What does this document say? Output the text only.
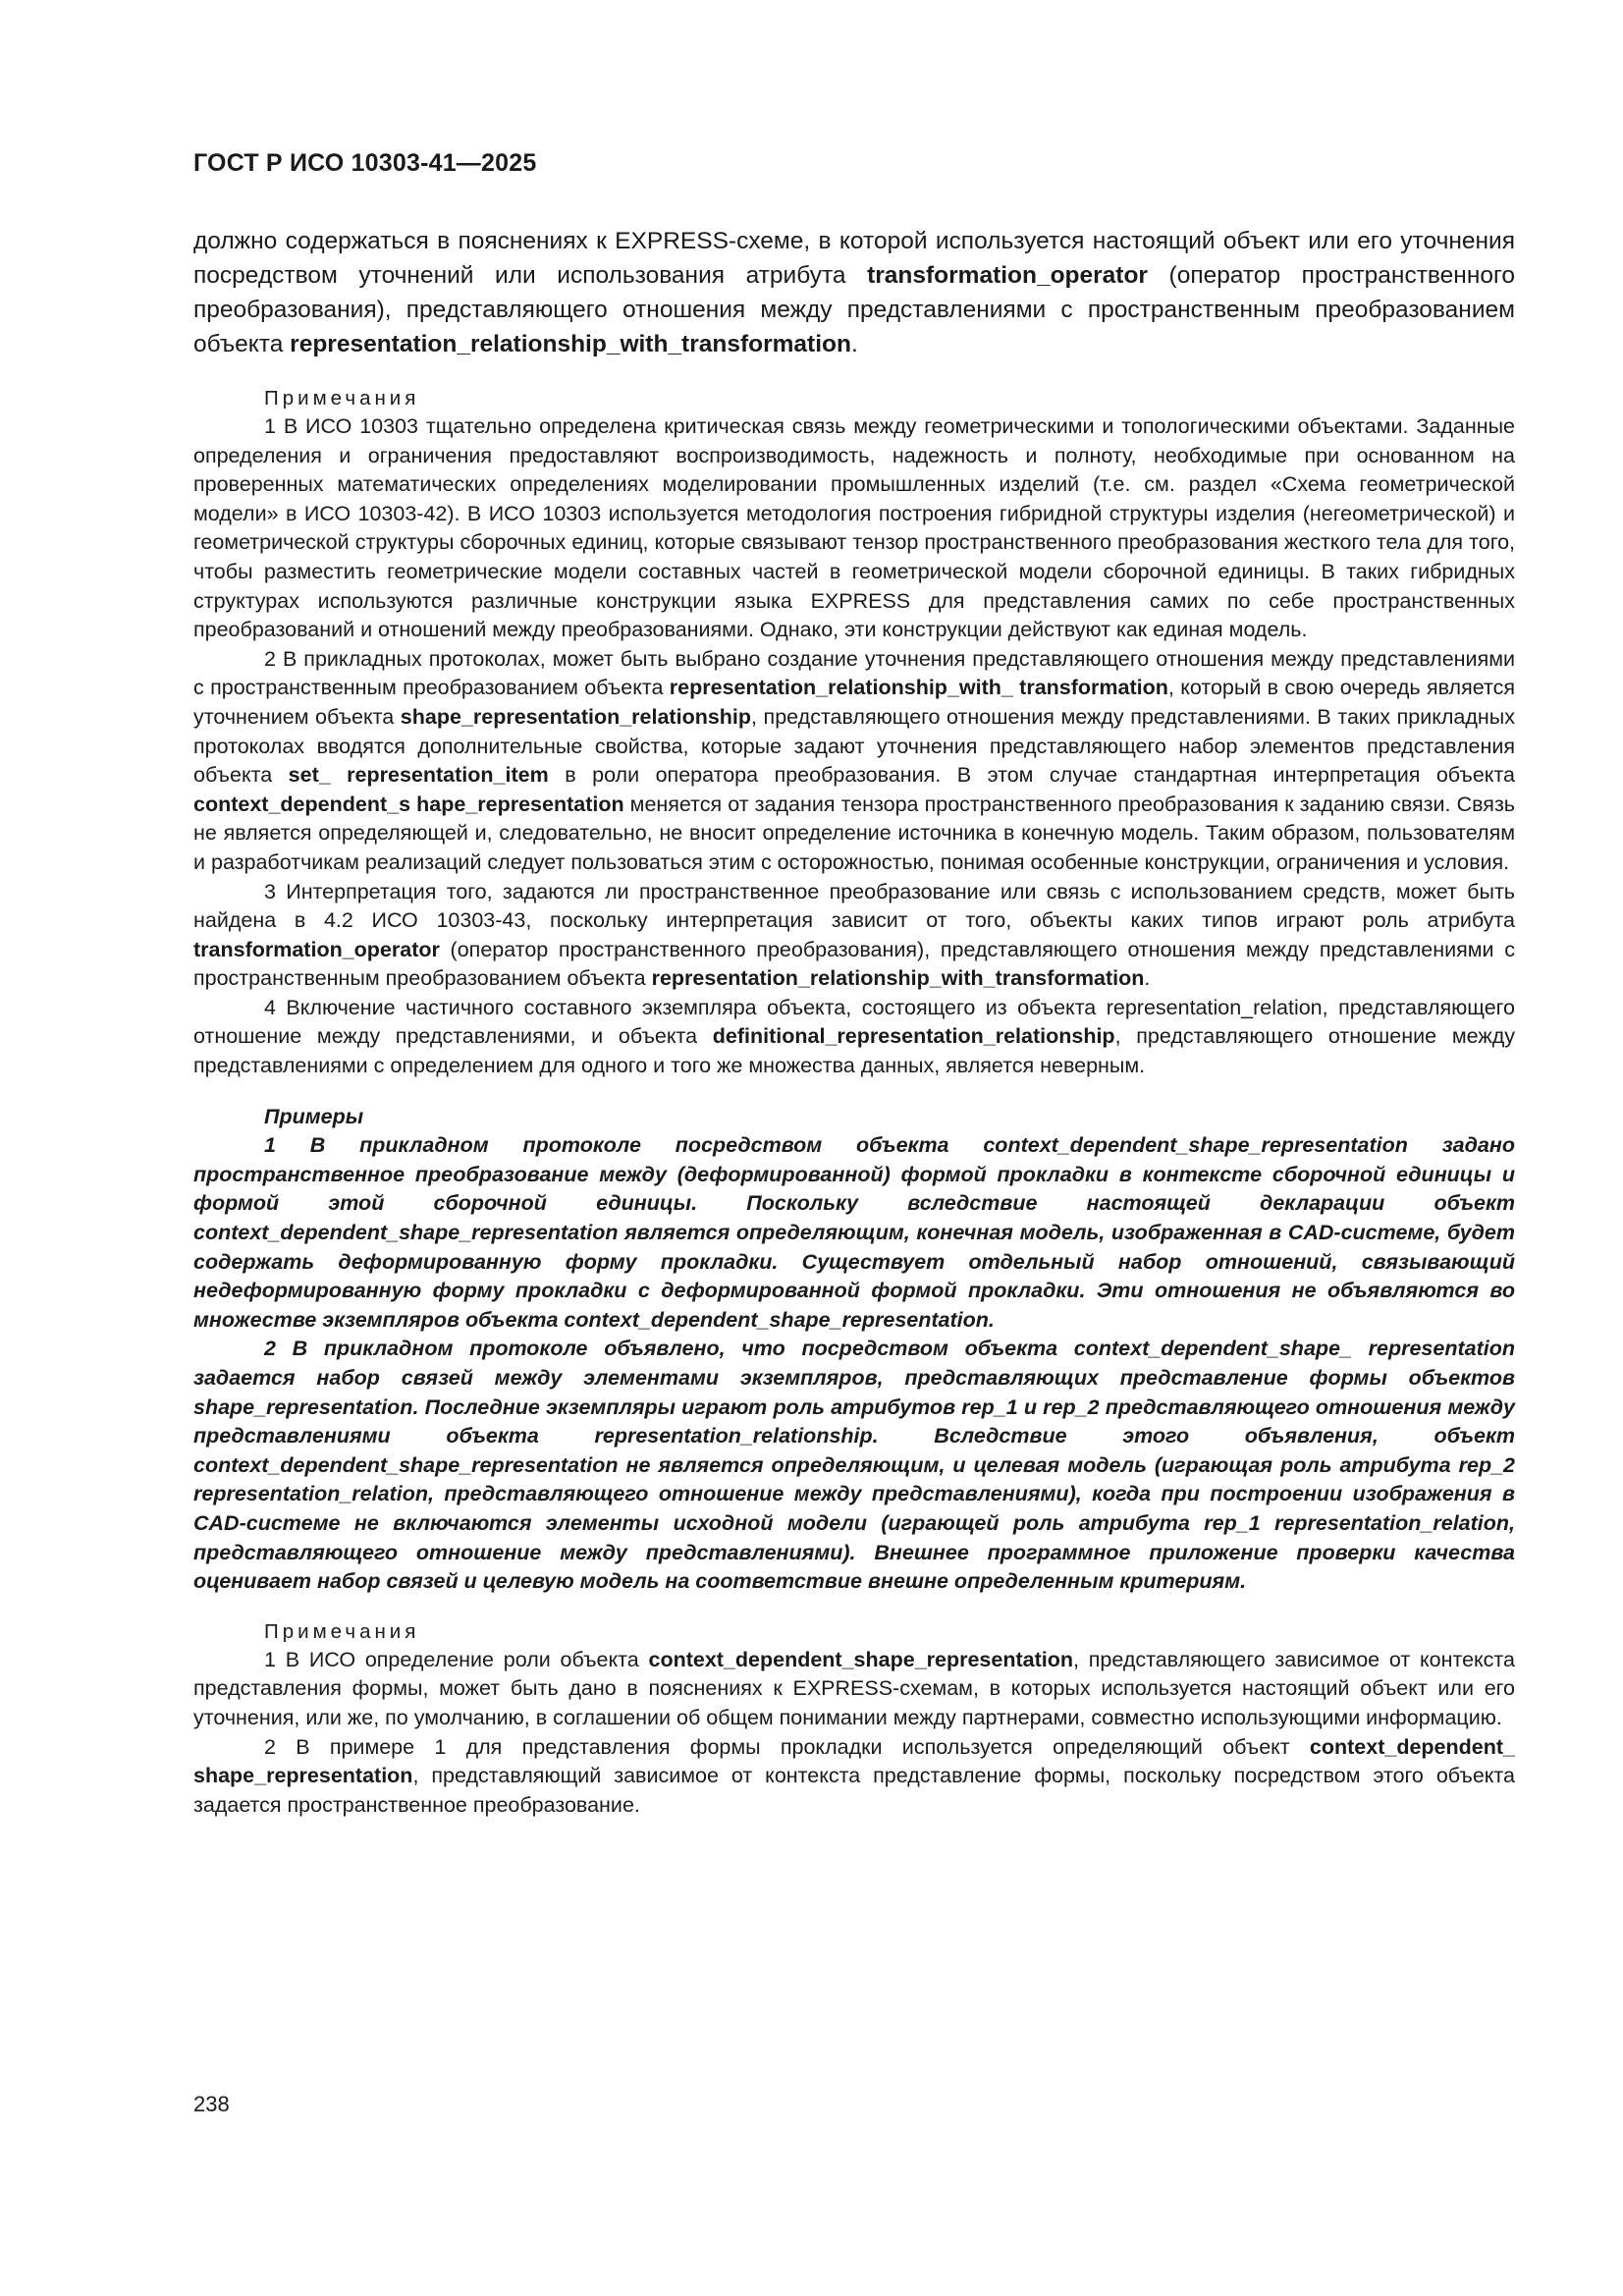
ГОСТ Р ИСО 10303-41—2025

должно содержаться в пояснениях к EXPRESS-схеме, в которой используется настоящий объект или его уточнения посредством уточнений или использования атрибута transformation_operator (оператор пространственного преобразования), представляющего отношения между представлениями с пространственным преобразованием объекта representation_relationship_with_transformation.

Примечания

1 В ИСО 10303 тщательно определена критическая связь между геометрическими и топологическими объектами. Заданные определения и ограничения предоставляют воспроизводимость, надежность и полноту, необходимые при основанном на проверенных математических определениях моделировании промышленных изделий (т.е. см. раздел «Схема геометрической модели» в ИСО 10303-42). В ИСО 10303 используется методология построения гибридной структуры изделия (негеометрической) и геометрической структуры сборочных единиц, которые связывают тензор пространственного преобразования жесткого тела для того, чтобы разместить геометрические модели составных частей в геометрической модели сборочной единицы. В таких гибридных структурах используются различные конструкции языка EXPRESS для представления самих по себе пространственных преобразований и отношений между преобразованиями. Однако, эти конструкции действуют как единая модель.

2 В прикладных протоколах, может быть выбрано создание уточнения представляющего отношения между представлениями с пространственным преобразованием объекта representation_relationship_with_ transformation, который в свою очередь является уточнением объекта shape_representation_relationship, представляющего отношения между представлениями. В таких прикладных протоколах вводятся дополнительные свойства, которые задают уточнения представляющего набор элементов представления объекта set_ representation_item в роли оператора преобразования. В этом случае стандартная интерпретация объекта context_dependent_s hape_representation меняется от задания тензора пространственного преобразования к заданию связи. Связь не является определяющей и, следовательно, не вносит определение источника в конечную модель. Таким образом, пользователям и разработчикам реализаций следует пользоваться этим с осторожностью, понимая особенные конструкции, ограничения и условия.

3 Интерпретация того, задаются ли пространственное преобразование или связь с использованием средств, может быть найдена в 4.2 ИСО 10303-43, поскольку интерпретация зависит от того, объекты каких типов играют роль атрибута transformation_operator (оператор пространственного преобразования), представляющего отношения между представлениями с пространственным преобразованием объекта representation_relationship_with_transformation.

4 Включение частичного составного экземпляра объекта, состоящего из объекта representation_relation, представляющего отношение между представлениями, и объекта definitional_representation_relationship, представляющего отношение между представлениями с определением для одного и того же множества данных, является неверным.

Примеры

1 В прикладном протоколе посредством объекта context_dependent_shape_representation задано пространственное преобразование между (деформированной) формой прокладки в контексте сборочной единицы и формой этой сборочной единицы. Поскольку вследствие настоящей декларации объект context_dependent_shape_representation является определяющим, конечная модель, изображенная в CAD-системе, будет содержать деформированную форму прокладки. Существует отдельный набор отношений, связывающий недеформированную форму прокладки с деформированной формой прокладки. Эти отношения не объявляются во множестве экземпляров объекта context_dependent_shape_representation.

2 В прикладном протоколе объявлено, что посредством объекта context_dependent_shape_ representation задается набор связей между элементами экземпляров, представляющих представление формы объектов shape_representation. Последние экземпляры играют роль атрибутов rep_1 и rep_2 представляющего отношения между представлениями объекта representation_relationship. Вследствие этого объявления, объект context_dependent_shape_representation не является определяющим, и целевая модель (играющая роль атрибута rep_2 representation_relation, представляющего отношение между представлениями), когда при построении изображения в CAD-системе не включаются элементы исходной модели (играющей роль атрибута rep_1 representation_relation, представляющего отношение между представлениями). Внешнее программное приложение проверки качества оценивает набор связей и целевую модель на соответствие внешне определенным критериям.

Примечания

1 В ИСО определение роли объекта context_dependent_shape_representation, представляющего зависимое от контекста представления формы, может быть дано в пояснениях к EXPRESS-схемам, в которых используется настоящий объект или его уточнения, или же, по умолчанию, в соглашении об общем понимании между партнерами, совместно использующими информацию.

2 В примере 1 для представления формы прокладки используется определяющий объект context_dependent_ shape_representation, представляющий зависимое от контекста представление формы, поскольку посредством этого объекта задается пространственное преобразование.

238
